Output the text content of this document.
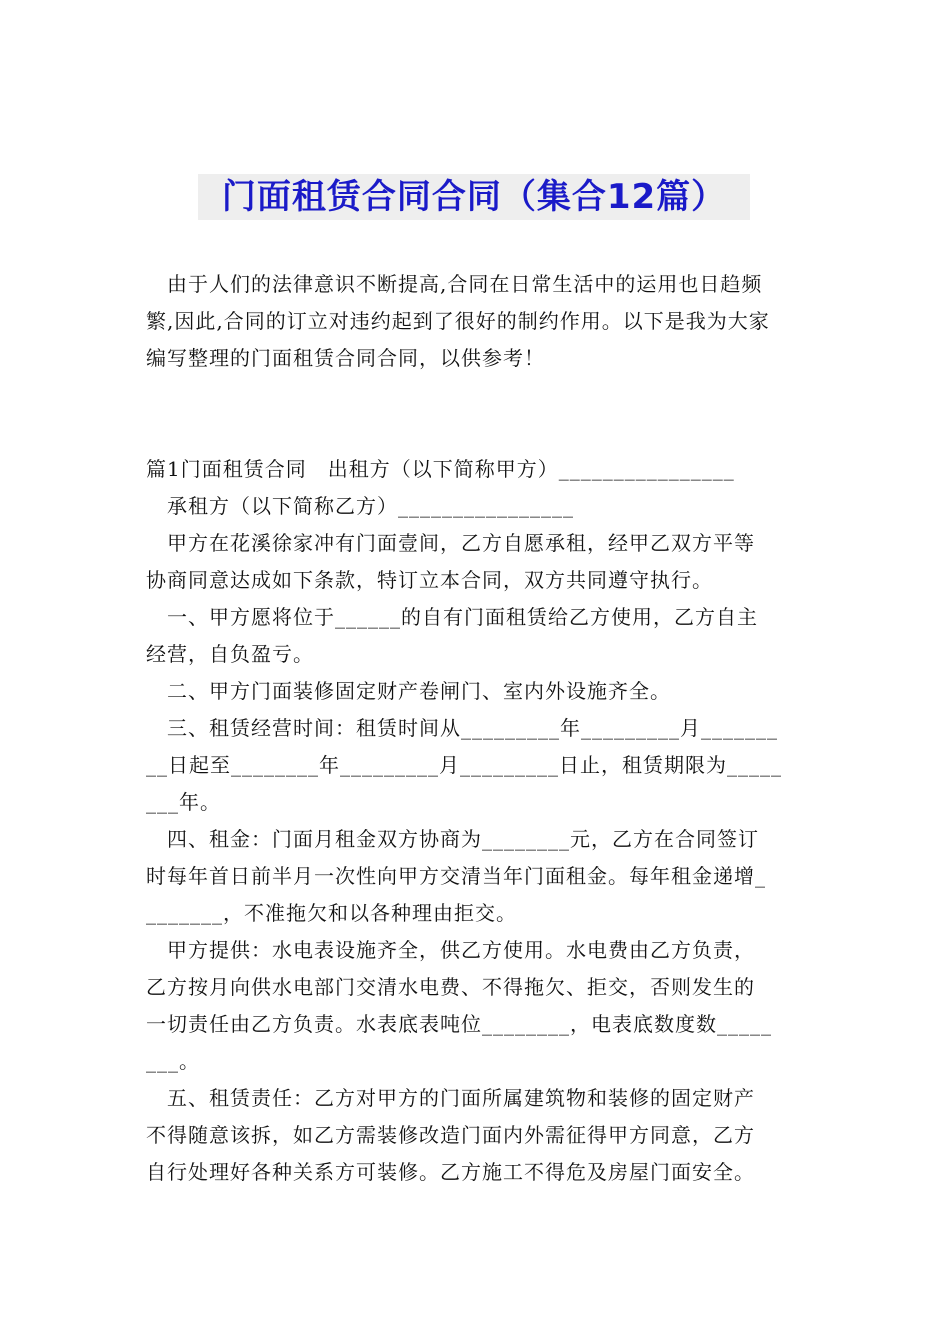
门面租赁合同合同（集合12篇）
　由于人们的法律意识不断提高,合同在日常生活中的运用也日趋频
繁,因此,合同的订立对违约起到了很好的制约作用。以下是我为大家
编写整理的门面租赁合同合同，以供参考！
篇1门面租赁合同　出租方（以下简称甲方）________________
　承租方（以下简称乙方）________________
　甲方在花溪徐家冲有门面壹间，乙方自愿承租，经甲乙双方平等
协商同意达成如下条款，特订立本合同，双方共同遵守执行。
　一、甲方愿将位于______的自有门面租赁给乙方使用，乙方自主
经营，自负盈亏。
　二、甲方门面装修固定财产卷闸门、室内外设施齐全。
　三、租赁经营时间：租赁时间从_________年_________月_______
__日起至________年_________月_________日止，租赁期限为_____
___年。
　四、租金：门面月租金双方协商为________元，乙方在合同签订
时每年首日前半月一次性向甲方交清当年门面租金。每年租金递增_
_______，不准拖欠和以各种理由拒交。
　甲方提供：水电表设施齐全，供乙方使用。水电费由乙方负责，
乙方按月向供水电部门交清水电费、不得拖欠、拒交，否则发生的
一切责任由乙方负责。水表底表吨位________，电表底数度数_____
___。
　五、租赁责任：乙方对甲方的门面所属建筑物和装修的固定财产
不得随意该拆，如乙方需装修改造门面内外需征得甲方同意，乙方
自行处理好各种关系方可装修。乙方施工不得危及房屋门面安全。
